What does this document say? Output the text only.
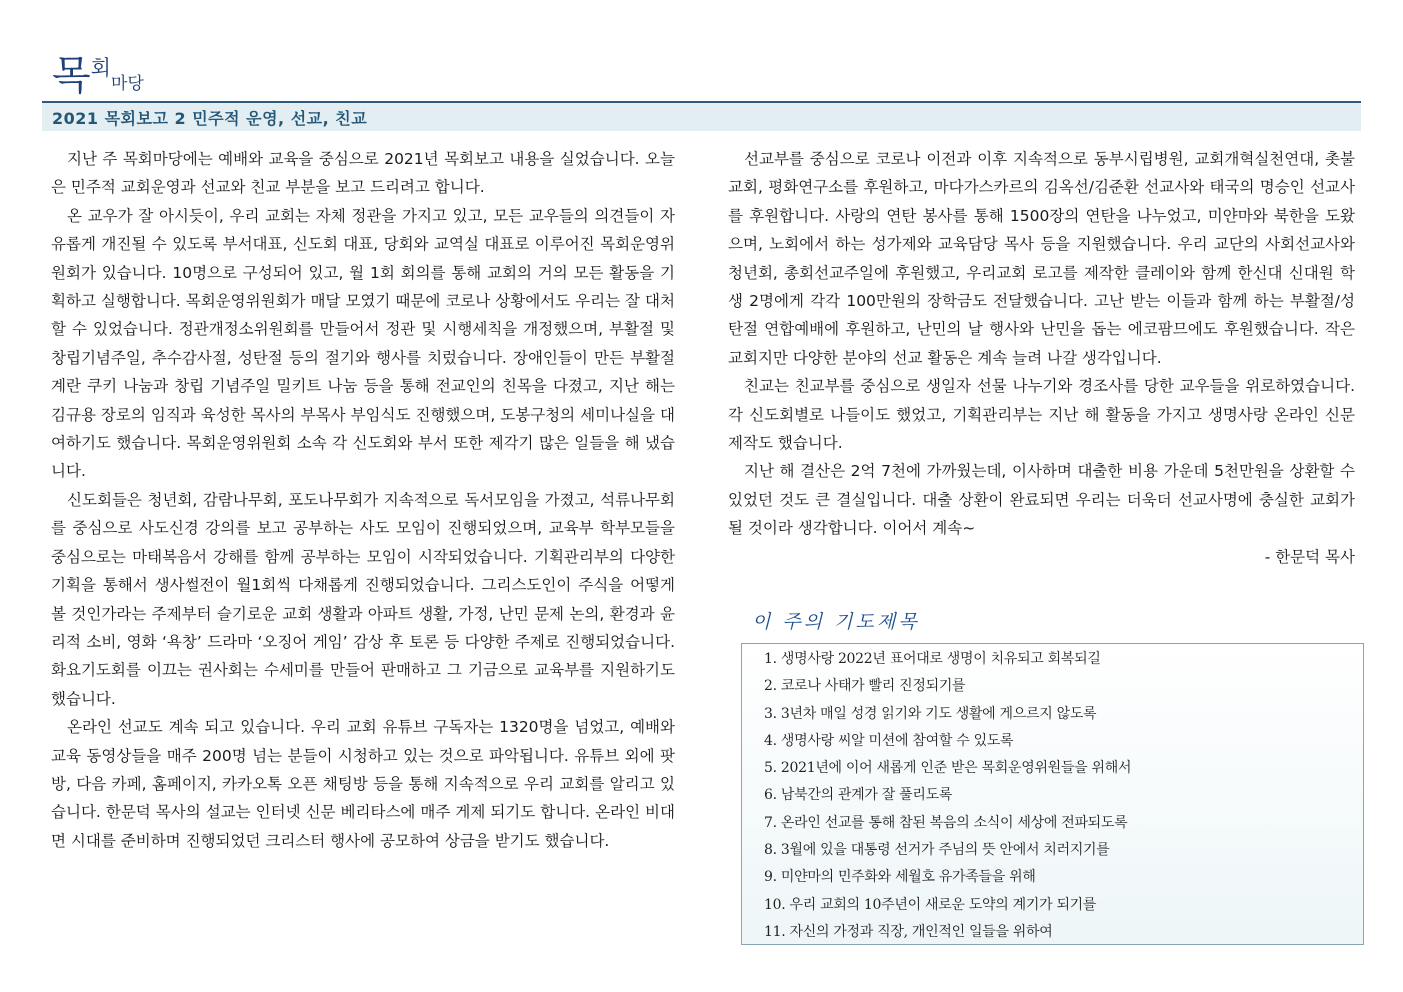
목 회
마당
2021 목회보고 2 민주적 운영, 선교, 친교

지난 주 목회마당에는 예배와 교육을 중심으로 2021년 목회보고 내용을 실었습니다. 오늘은 민주적 교회운영과 선교와 친교 부분을 보고 드리려고 합니다.

온 교우가 잘 아시듯이, 우리 교회는 자체 정관을 가지고 있고, 모든 교우들의 의견들이 자유롭게 개진될 수 있도록 부서대표, 신도회 대표, 당회와 교역실 대표로 이루어진 목회운영위원회가 있습니다. 10명으로 구성되어 있고, 월 1회 회의를 통해 교회의 거의 모든 활동을 기획하고 실행합니다. 목회운영위원회가 매달 모였기 때문에 코로나 상황에서도 우리는 잘 대처할 수 있었습니다. 정관개정소위원회를 만들어서 정관 및 시행세칙을 개정했으며, 부활절 및 창립기념주일, 추수감사절, 성탄절 등의 절기와 행사를 치렀습니다. 장애인들이 만든 부활절 계란 쿠키 나눔과 창립 기념주일 밀키트 나눔 등을 통해 전교인의 친목을 다졌고, 지난 해는 김규용 장로의 임직과 육성한 목사의 부목사 부임식도 진행했으며, 도봉구청의 세미나실을 대여하기도 했습니다. 목회운영위원회 소속 각 신도회와 부서 또한 제각기 많은 일들을 해 냈습니다.

신도회들은 청년회, 감람나무회, 포도나무회가 지속적으로 독서모임을 가졌고, 석류나무회를 중심으로 사도신경 강의를 보고 공부하는 사도 모임이 진행되었으며, 교육부 학부모들을 중심으로는 마태복음서 강해를 함께 공부하는 모임이 시작되었습니다. 기획관리부의 다양한 기획을 통해서 생사썰전이 월1회씩 다채롭게 진행되었습니다. 그리스도인이 주식을 어떻게 볼 것인가라는 주제부터 슬기로운 교회 생활과 아파트 생활, 가정, 난민 문제 논의, 환경과 윤리적 소비, 영화 ‘욕창’ 드라마 ‘오징어 게임’ 감상 후 토론 등 다양한 주제로 진행되었습니다. 화요기도회를 이끄는 권사회는 수세미를 만들어 판매하고 그 기금으로 교육부를 지원하기도 했습니다.

온라인 선교도 계속 되고 있습니다. 우리 교회 유튜브 구독자는 1320명을 넘었고, 예배와 교육 동영상들을 매주 200명 넘는 분들이 시청하고 있는 것으로 파악됩니다. 유튜브 외에 팟방, 다음 카페, 홈페이지, 카카오톡 오픈 채팅방 등을 통해 지속적으로 우리 교회를 알리고 있습니다. 한문덕 목사의 설교는 인터넷 신문 베리타스에 매주 게제 되기도 합니다. 온라인 비대면 시대를 준비하며 진행되었던 크리스터 행사에 공모하여 상금을 받기도 했습니다.

선교부를 중심으로 코로나 이전과 이후 지속적으로 동부시립병원, 교회개혁실천연대, 촛불교회, 평화연구소를 후원하고, 마다가스카르의 김옥선/김준환 선교사와 태국의 명승인 선교사를 후원합니다. 사랑의 연탄 봉사를 통해 1500장의 연탄을 나누었고, 미얀마와 북한을 도왔으며, 노회에서 하는 성가제와 교육담당 목사 등을 지원했습니다. 우리 교단의 사회선교사와 청년회, 총회선교주일에 후원했고, 우리교회 로고를 제작한 클레이와 함께 한신대 신대원 학생 2명에게 각각 100만원의 장학금도 전달했습니다. 고난 받는 이들과 함께 하는 부활절/성탄절 연합예배에 후원하고, 난민의 날 행사와 난민을 돕는 에코팜므에도 후원했습니다. 작은 교회지만 다양한 분야의 선교 활동은 계속 늘려 나갈 생각입니다.

친교는 친교부를 중심으로 생일자 선물 나누기와 경조사를 당한 교우들을 위로하였습니다. 각 신도회별로 나들이도 했었고, 기획관리부는 지난 해 활동을 가지고 생명사랑 온라인 신문제작도 했습니다.

지난 해 결산은 2억 7천에 가까웠는데, 이사하며 대출한 비용 가운데 5천만원을 상환할 수 있었던 것도 큰 결실입니다. 대출 상환이 완료되면 우리는 더욱더 선교사명에 충실한 교회가 될 것이라 생각합니다. 이어서 계속~

- 한문덕 목사

이 주의 기도제목
1. 생명사랑 2022년 표어대로 생명이 치유되고 회복되길
2. 코로나 사태가 빨리 진정되기를
3. 3년차 매일 성경 읽기와 기도 생활에 게으르지 않도록
4. 생명사랑 씨알 미션에 참여할 수 있도록
5. 2021년에 이어 새롭게 인준 받은 목회운영위원들을 위해서
6. 남북간의 관계가 잘 풀리도록
7. 온라인 선교를 통해 참된 복음의 소식이 세상에 전파되도록
8. 3월에 있을 대통령 선거가 주님의 뜻 안에서 치러지기를
9. 미얀마의 민주화와 세월호 유가족들을 위해
10. 우리 교회의 10주년이 새로운 도약의 계기가 되기를
11. 자신의 가정과 직장, 개인적인 일들을 위하여
